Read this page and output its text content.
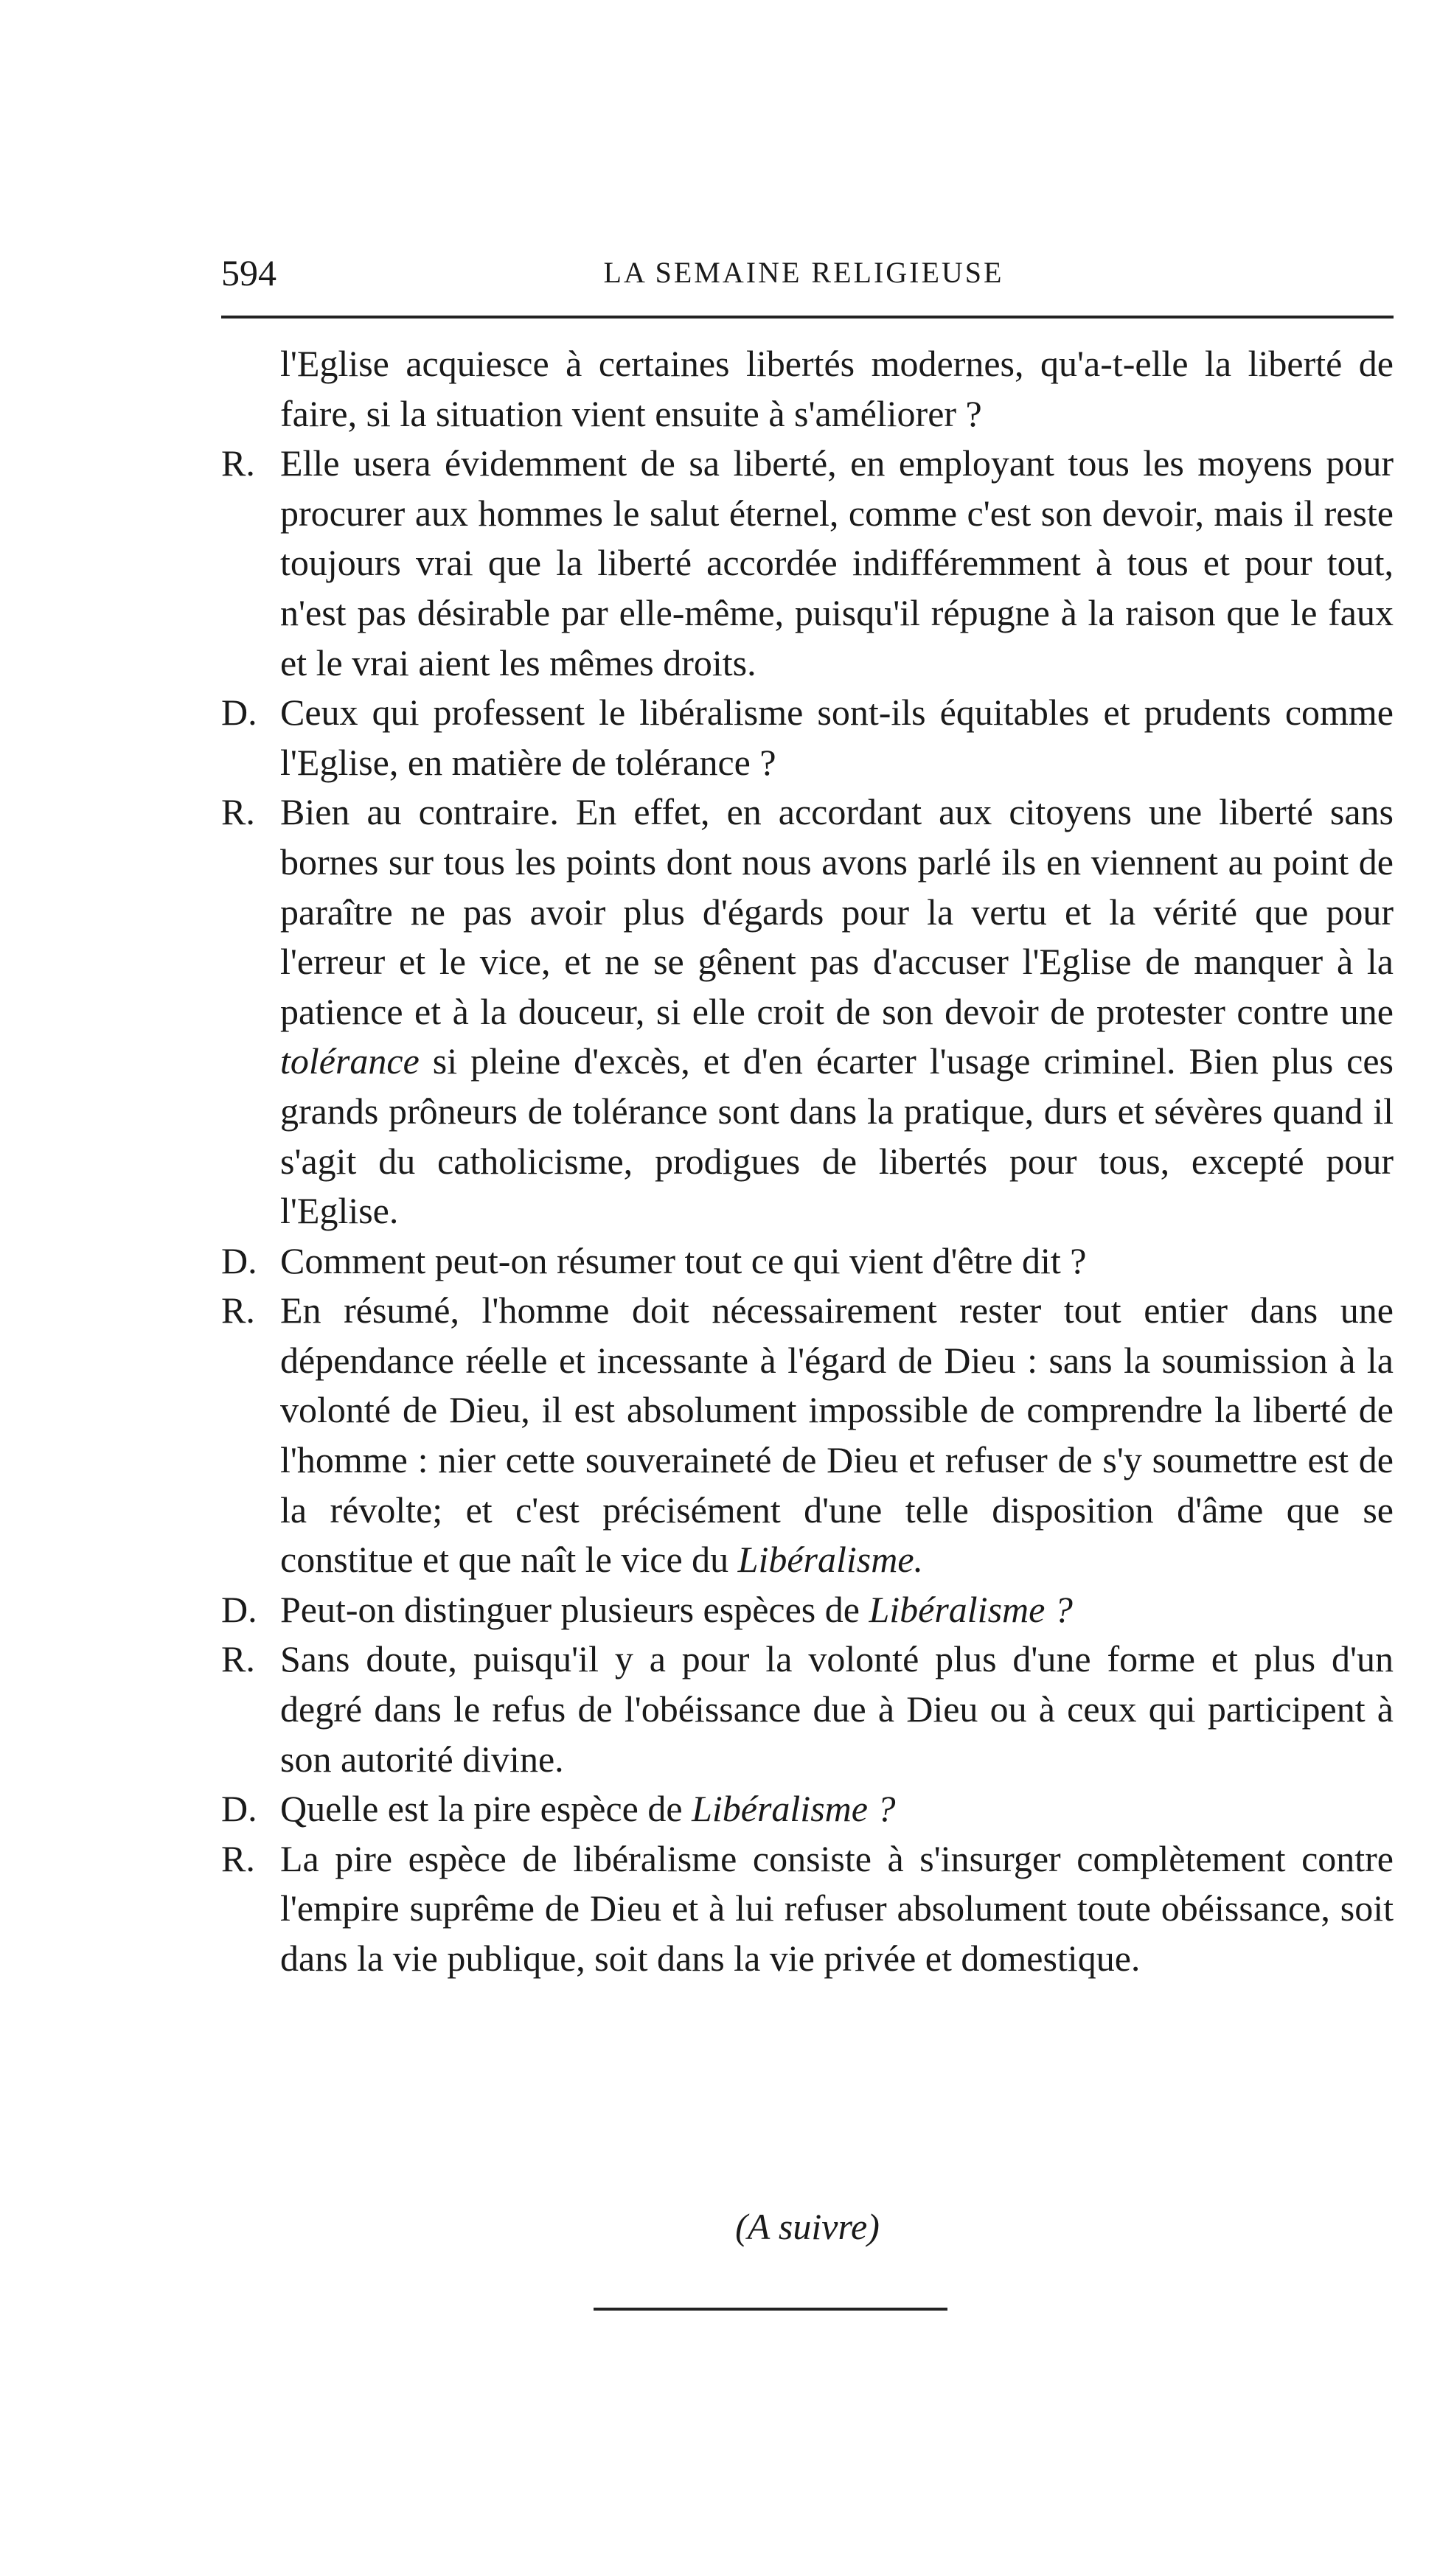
594	LA SEMAINE RELIGIEUSE
l'Eglise acquiesce à certaines libertés modernes, qu'a-t-elle la liberté de faire, si la situation vient ensuite à s'améliorer ?
R. Elle usera évidemment de sa liberté, en employant tous les moyens pour procurer aux hommes le salut éternel, comme c'est son devoir, mais il reste toujours vrai que la liberté accordée indifféremment à tous et pour tout, n'est pas désirable par elle-même, puisqu'il répugne à la raison que le faux et le vrai aient les mêmes droits.
D. Ceux qui professent le libéralisme sont-ils équitables et prudents comme l'Eglise, en matière de tolérance ?
R. Bien au contraire. En effet, en accordant aux citoyens une liberté sans bornes sur tous les points dont nous avons parlé ils en viennent au point de paraître ne pas avoir plus d'égards pour la vertu et la vérité que pour l'erreur et le vice, et ne se gênent pas d'accuser l'Eglise de manquer à la patience et à la douceur, si elle croit de son devoir de protester contre une tolérance si pleine d'excès, et d'en écarter l'usage criminel. Bien plus ces grands prôneurs de tolérance sont dans la pratique, durs et sévères quand il s'agit du catholicisme, prodigues de libertés pour tous, excepté pour l'Eglise.
D. Comment peut-on résumer tout ce qui vient d'être dit ?
R. En résumé, l'homme doit nécessairement rester tout entier dans une dépendance réelle et incessante à l'égard de Dieu : sans la soumission à la volonté de Dieu, il est absolument impossible de comprendre la liberté de l'homme : nier cette souveraineté de Dieu et refuser de s'y soumettre est de la révolte; et c'est précisément d'une telle disposition d'âme que se constitue et que naît le vice du Libéralisme.
D. Peut-on distinguer plusieurs espèces de Libéralisme ?
R. Sans doute, puisqu'il y a pour la volonté plus d'une forme et plus d'un degré dans le refus de l'obéissance due à Dieu ou à ceux qui participent à son autorité divine.
D. Quelle est la pire espèce de Libéralisme ?
R. La pire espèce de libéralisme consiste à s'insurger complètement contre l'empire suprême de Dieu et à lui refuser absolument toute obéissance, soit dans la vie publique, soit dans la vie privée et domestique.
(A suivre)
